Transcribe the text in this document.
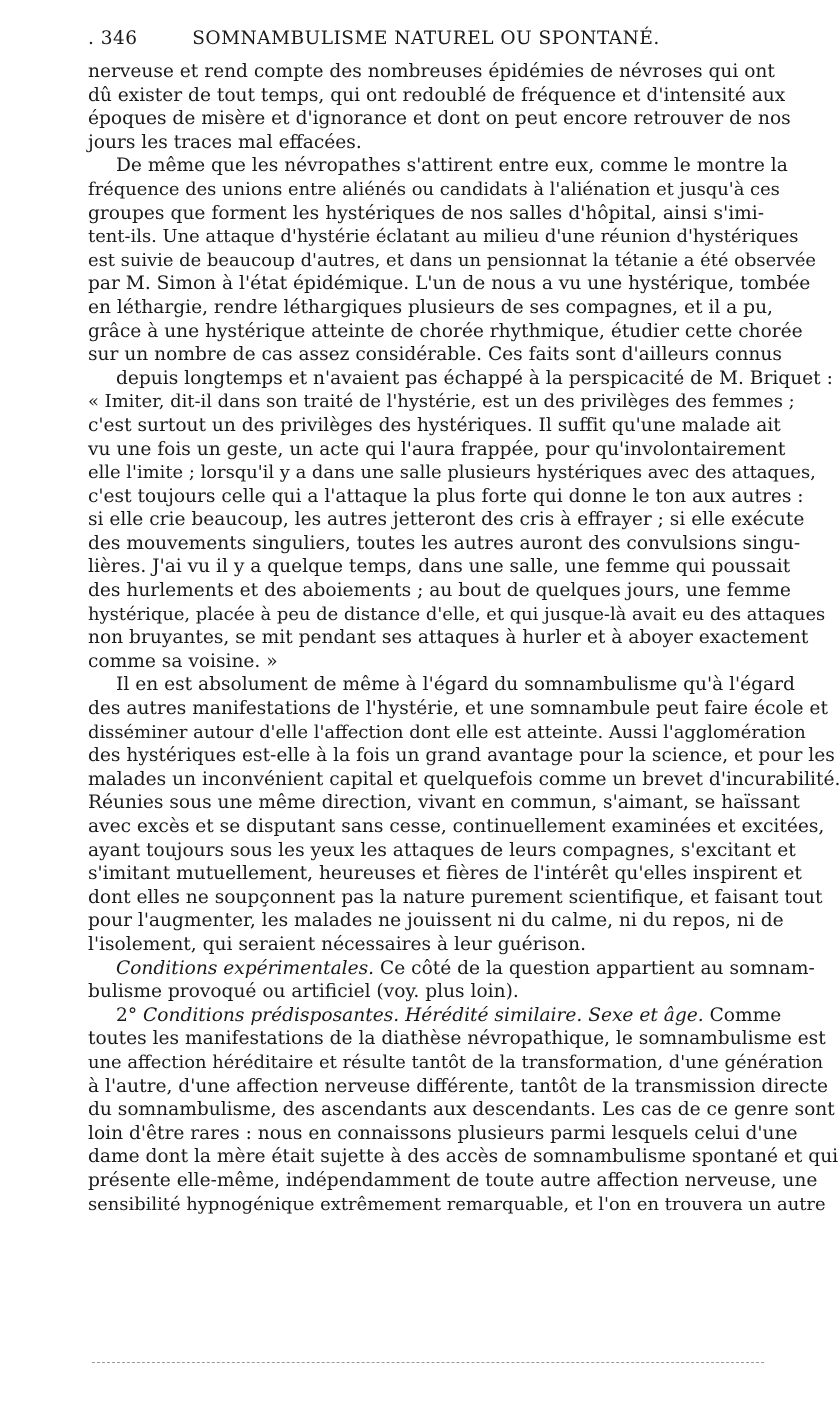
. 346	SOMNAMBULISME NATUREL OU SPONTANÉ.
nerveuse et rend compte des nombreuses épidémies de névroses qui ont
dû exister de tout temps, qui ont redoublé de fréquence et d'intensité aux
époques de misère et d'ignorance et dont on peut encore retrouver de nos
jours les traces mal effacées.
De même que les névropathes s'attirent entre eux, comme le montre la
fréquence des unions entre aliénés ou candidats à l'aliénation et jusqu'à ces
groupes que forment les hystériques de nos salles d'hôpital, ainsi s'imi-
tent-ils. Une attaque d'hystérie éclatant au milieu d'une réunion d'hystériques
est suivie de beaucoup d'autres, et dans un pensionnat la tétanie a été observée
par M. Simon à l'état épidémique. L'un de nous a vu une hystérique, tombée
en léthargie, rendre léthargiques plusieurs de ses compagnes, et il a pu,
grâce à une hystérique atteinte de chorée rhythmique, étudier cette chorée
sur un nombre de cas assez considérable. Ces faits sont d'ailleurs connus
depuis longtemps et n'avaient pas échappé à la perspicacité de M. Briquet :
« Imiter, dit-il dans son traité de l'hystérie, est un des privilèges des femmes ;
c'est surtout un des privilèges des hystériques. Il suffit qu'une malade ait
vu une fois un geste, un acte qui l'aura frappée, pour qu'involontairement
elle l'imite ; lorsqu'il y a dans une salle plusieurs hystériques avec des attaques,
c'est toujours celle qui a l'attaque la plus forte qui donne le ton aux autres :
si elle crie beaucoup, les autres jetteront des cris à effrayer ; si elle exécute
des mouvements singuliers, toutes les autres auront des convulsions singu-
lières. J'ai vu il y a quelque temps, dans une salle, une femme qui poussait
des hurlements et des aboiements ; au bout de quelques jours, une femme
hystérique, placée à peu de distance d'elle, et qui jusque-là avait eu des attaques
non bruyantes, se mit pendant ses attaques à hurler et à aboyer exactement
comme sa voisine. »
Il en est absolument de même à l'égard du somnambulisme qu'à l'égard
des autres manifestations de l'hystérie, et une somnambule peut faire école et
disséminer autour d'elle l'affection dont elle est atteinte. Aussi l'agglomération
des hystériques est-elle à la fois un grand avantage pour la science, et pour les
malades un inconvénient capital et quelquefois comme un brevet d'incurabilité.
Réunies sous une même direction, vivant en commun, s'aimant, se haïssant
avec excès et se disputant sans cesse, continuellement examinées et excitées,
ayant toujours sous les yeux les attaques de leurs compagnes, s'excitant et
s'imitant mutuellement, heureuses et fières de l'intérêt qu'elles inspirent et
dont elles ne soupçonnent pas la nature purement scientifique, et faisant tout
pour l'augmenter, les malades ne jouissent ni du calme, ni du repos, ni de
l'isolement, qui seraient nécessaires à leur guérison.
Conditions expérimentales. Ce côté de la question appartient au somnam-
bulisme provoqué ou artificiel (voy. plus loin).
2° Conditions prédisposantes. Hérédité similaire. Sexe et âge. Comme
toutes les manifestations de la diathèse névropathique, le somnambulisme est
une affection héréditaire et résulte tantôt de la transformation, d'une génération
à l'autre, d'une affection nerveuse différente, tantôt de la transmission directe
du somnambulisme, des ascendants aux descendants. Les cas de ce genre sont
loin d'être rares : nous en connaissons plusieurs parmi lesquels celui d'une
dame dont la mère était sujette à des accès de somnambulisme spontané et qui
présente elle-même, indépendamment de toute autre affection nerveuse, une
sensibilité hypnogénique extrêmement remarquable, et l'on en trouvera un autre
